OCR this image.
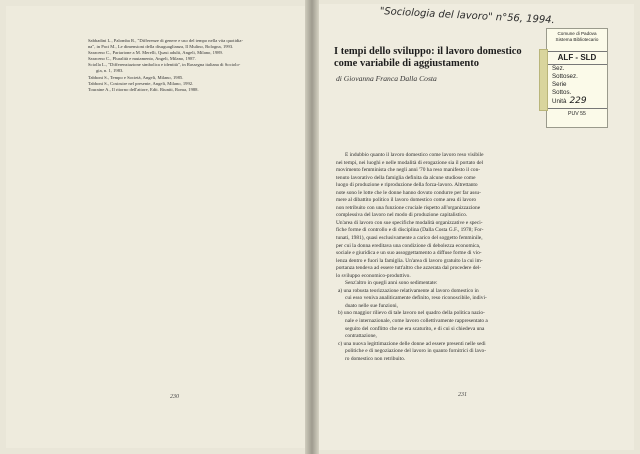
Sabbadini L., Palomba R., "Differenze di genere e uso del tempo nella vita quotidia-
na", in Paci M., Le dimensioni della disuguaglianza, Il Mulino, Bologna, 1993.
Saraceno C., Pariarione a M. Merelli, Quasi adulti, Angeli, Milano, 1989.
Saraceno C., Pluralità e mutamento, Angeli, Milano, 1987.
Sciolla L., "Differenziazione simbolica e identità", in Rassegna italiana di Sociolo-
gia, n. 1, 1983.
Tabboni S., Tempo e Società, Angeli, Milano, 1985.
Tabboni S., Costruire nel presente, Angeli, Milano, 1992.
Touraine A., Il ritorno dell'attore, Edit. Riuniti, Roma, 1988.
230
"Sociologia del lavoro" n°56, 1994.
I tempi dello sviluppo: il lavoro domestico
come variabile di aggiustamento
di Giovanna Franca Dalla Costa
Comune di Padova
Sistema Bibliotecario
ALF - SLD
Sez.
Sottosez.
Serie
Sottos.
Unità 229
PUV 55
È indubbio quanto il lavoro domestico come lavoro reso visibile
nei tempi, nei luoghi e nelle modalità di erogazione sia il portato del
movimento femminista che negli anni '70 ha reso manifesto il con-
tenuto lavorativo della famiglia definita da alcune studiose come
luogo di produzione e riproduzione della forza-lavoro. Altrettanto
note sono le lotte che le donne hanno dovuto condurre per far assu-
mere al dibattito politico il lavoro domestico come area di lavoro
non retribuito con una funzione cruciale rispetto all'organizzazione
complessiva del lavoro nel modo di produzione capitalistico.
Un'area di lavoro con sue specifiche modalità organizzative e speci-
fiche forme di controllo e di disciplina (Dalla Costa G.F., 1978; For-
tunati, 1981), quasi esclusivamente a carico del soggetto femminile,
per cui la donna ereditava una condizione di debolezza economica,
sociale e giuridica e un suo assoggettamento a diffuse forme di vio-
lenza dentro e fuori la famiglia. Un'area di lavoro gratuito la cui im-
portanza tendeva ad essere tutt'altro che azzerata dal procedere del-
lo sviluppo economico-produttivo.
Senz'altro in quegli anni sono sedimentate:
a) una robusta teorizzazione relativamente al lavoro domestico in
cui esso veniva analiticamente definito, reso riconoscibile, indivi-
duato nelle sue funzioni,
b) uno maggior rilievo di tale lavoro nel quadro della politica nazio-
nale e internazionale, come lavoro collettivamente rappresentato a
seguito del conflitto che ne era scaturito, e di cui si chiedeva una
contrattazione,
c) una nuova legittimazione delle donne ad essere presenti nelle sedi
politiche e di negoziazione del lavoro in quanto fornitrici di lavo-
ro domestico non retribuito.
231
